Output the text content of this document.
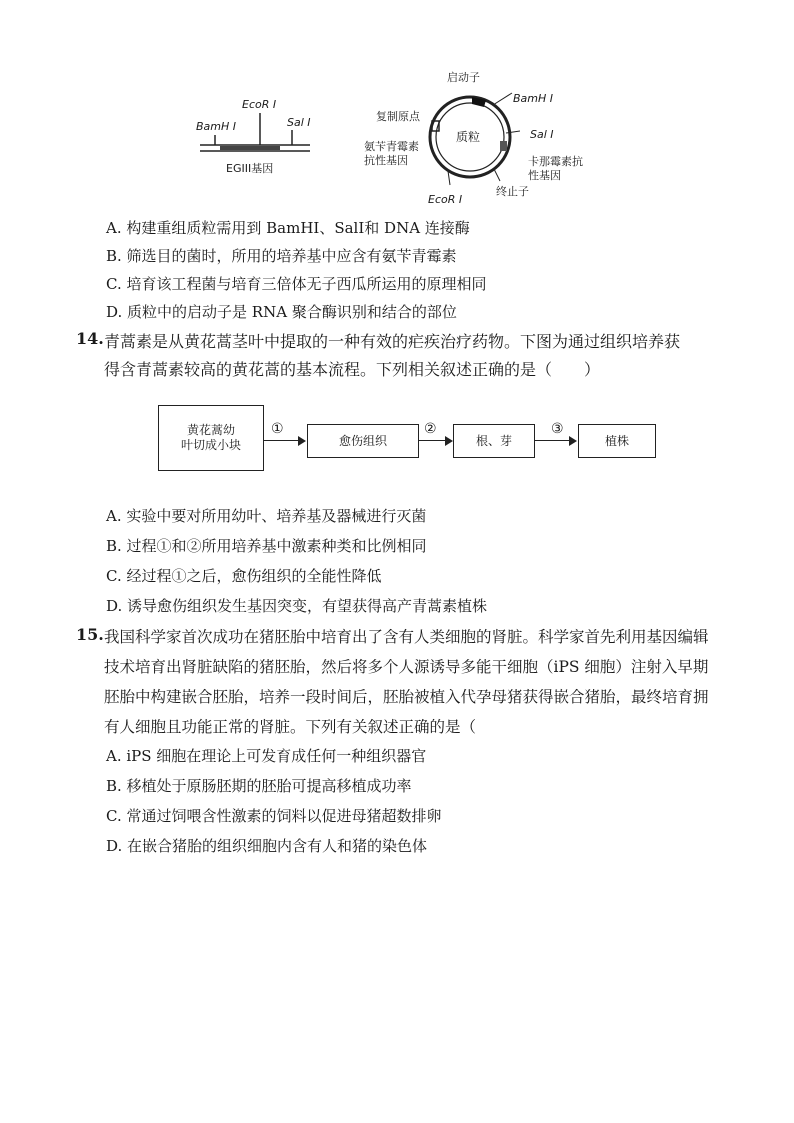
EcoR I
BamH I	Sal I
EGIII基因
启动子
BamH I
复制原点
质粒	Sal I
氨苄青霉素
抗性基因	卡那霉素抗
性基因
终止子
EcoR I
A. 构建重组质粒需用到 BamHI、SalI和 DNA 连接酶
B. 筛选目的菌时，所用的培养基中应含有氨苄青霉素
C. 培育该工程菌与培育三倍体无子西瓜所运用的原理相同
D. 质粒中的启动子是 RNA 聚合酶识别和结合的部位
14. 青蒿素是从黄花蒿茎叶中提取的一种有效的疟疾治疗药物。下图为通过组织培养获
得含青蒿素较高的黄花蒿的基本流程。下列相关叙述正确的是（　　）
黄花蒿幼
叶切成小块
①
愈伤组织
②
根、芽
③
植株
A. 实验中要对所用幼叶、培养基及器械进行灭菌
B. 过程①和②所用培养基中激素种类和比例相同
C. 经过程①之后，愈伤组织的全能性降低
D. 诱导愈伤组织发生基因突变，有望获得高产青蒿素植株
15. 我国科学家首次成功在猪胚胎中培育出了含有人类细胞的肾脏。科学家首先利用基因编辑
技术培育出肾脏缺陷的猪胚胎，然后将多个人源诱导多能干细胞（iPS 细胞）注射入早期
胚胎中构建嵌合胚胎，培养一段时间后，胚胎被植入代孕母猪获得嵌合猪胎，最终培育拥
有人细胞且功能正常的肾脏。下列有关叙述正确的是（
A. iPS 细胞在理论上可发育成任何一种组织器官
B. 移植处于原肠胚期的胚胎可提高移植成功率
C. 常通过饲喂含性激素的饲料以促进母猪超数排卵
D. 在嵌合猪胎的组织细胞内含有人和猪的染色体
